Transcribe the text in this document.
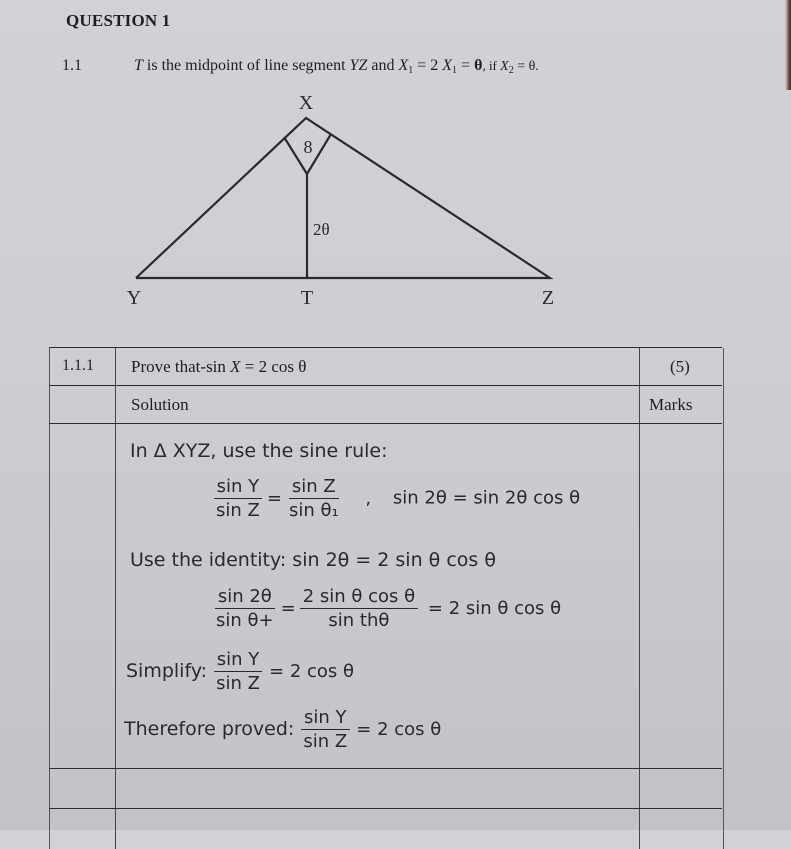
QUESTION 1
1.1	T is the midpoint of line segment YZ and $X_1 = 2$ $X_1 = \theta$, if $X_2 = \theta$.
X
Y	T	Z
8
2θ
1.1.1 Prove that-sin X = 2 cos θ	(5)
Solution	Marks
In Δ XYZ, use the sine rule:
$\frac{\text{sin Y}}{\text{sin Z}} = \frac{\text{sin Z}}{\text{sin θ₁}}$ , sin 2θ = sin 2θ cos θ
Use the identity: sin 2θ = 2 sin θ cos θ
$\frac{\sin 2\theta}{\text{sin θ+}} = \frac{\text{2 sin θ cos θ}}{\text{sin thθ}} = 2$ sin θ cos θ
Simplify: $\frac{\text{sin Y}}{\text{sin Z}} = 2$ cos θ
Therefore proved: $\frac{\text{sin Y}}{\text{sin Z}} = 2$ cos θ
